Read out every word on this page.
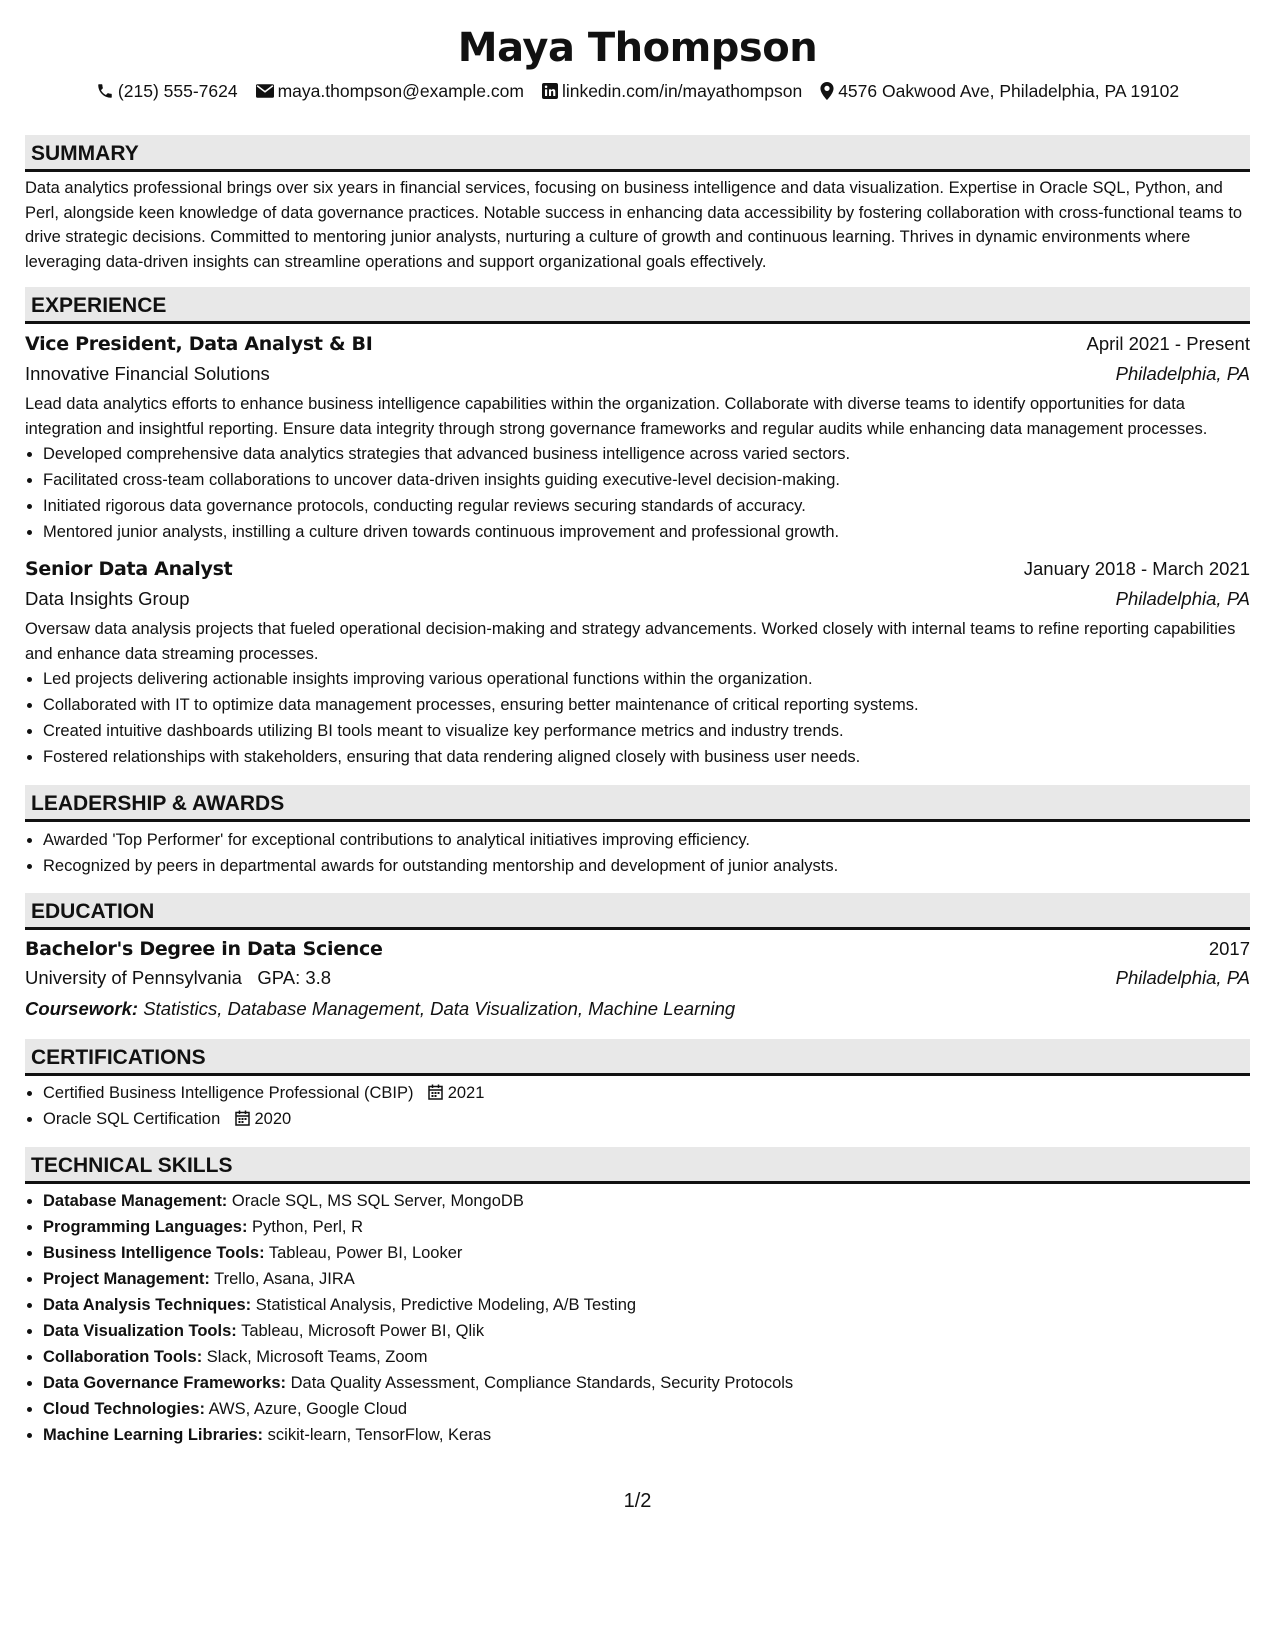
Maya Thompson
(215) 555-7624 maya.thompson@example.com linkedin.com/in/mayathompson 4576 Oakwood Ave, Philadelphia, PA 19102
SUMMARY

Data analytics professional brings over six years in financial services, focusing on business intelligence and data visualization. Expertise in Oracle SQL, Python, and Perl, alongside keen knowledge of data governance practices. Notable success in enhancing data accessibility by fostering collaboration with cross-functional teams to drive strategic decisions. Committed to mentoring junior analysts, nurturing a culture of growth and continuous learning. Thrives in dynamic environments where leveraging data-driven insights can streamline operations and support organizational goals effectively.

EXPERIENCE
Vice President, Data Analyst & BI	April 2021 - Present
Innovative Financial Solutions	Philadelphia, PA

Lead data analytics efforts to enhance business intelligence capabilities within the organization. Collaborate with diverse teams to identify opportunities for data integration and insightful reporting. Ensure data integrity through strong governance frameworks and regular audits while enhancing data management processes.

• Developed comprehensive data analytics strategies that advanced business intelligence across varied sectors.
• Facilitated cross-team collaborations to uncover data-driven insights guiding executive-level decision-making.
• Initiated rigorous data governance protocols, conducting regular reviews securing standards of accuracy.
• Mentored junior analysts, instilling a culture driven towards continuous improvement and professional growth.
Senior Data Analyst	January 2018 - March 2021
Data Insights Group	Philadelphia, PA

Oversaw data analysis projects that fueled operational decision-making and strategy advancements. Worked closely with internal teams to refine reporting capabilities and enhance data streaming processes.

• Led projects delivering actionable insights improving various operational functions within the organization.
• Collaborated with IT to optimize data management processes, ensuring better maintenance of critical reporting systems.
• Created intuitive dashboards utilizing BI tools meant to visualize key performance metrics and industry trends.
• Fostered relationships with stakeholders, ensuring that data rendering aligned closely with business user needs.
LEADERSHIP & AWARDS
• Awarded 'Top Performer' for exceptional contributions to analytical initiatives improving efficiency.
• Recognized by peers in departmental awards for outstanding mentorship and development of junior analysts.
EDUCATION
Bachelor's Degree in Data Science	2017
University of Pennsylvania GPA: 3.8	Philadelphia, PA
Coursework: Statistics, Database Management, Data Visualization, Machine Learning
CERTIFICATIONS
• Certified Business Intelligence Professional (CBIP) 2021
• Oracle SQL Certification 2020
TECHNICAL SKILLS
• Database Management: Oracle SQL, MS SQL Server, MongoDB
• Programming Languages: Python, Perl, R
• Business Intelligence Tools: Tableau, Power BI, Looker
• Project Management: Trello, Asana, JIRA
• Data Analysis Techniques: Statistical Analysis, Predictive Modeling, A/B Testing
• Data Visualization Tools: Tableau, Microsoft Power BI, Qlik
• Collaboration Tools: Slack, Microsoft Teams, Zoom
• Data Governance Frameworks: Data Quality Assessment, Compliance Standards, Security Protocols
• Cloud Technologies: AWS, Azure, Google Cloud
• Machine Learning Libraries: scikit-learn, TensorFlow, Keras
1/2
